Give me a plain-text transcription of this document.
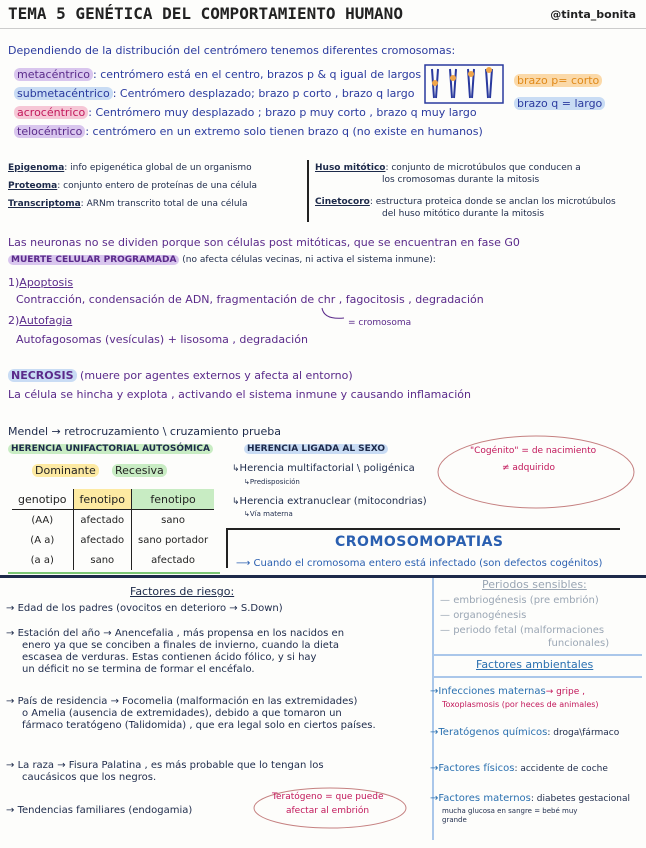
TEMA 5 GENÉTICA DEL COMPORTAMIENTO HUMANO	@tinta_bonita
Dependiendo de la distribución del centrómero tenemos diferentes cromosomas:
metacéntrico : centrómero está en el centro, brazos p & q igual de largos
submetacéntrico : Centrómero desplazado; brazo p corto , brazo q largo
acrocéntrico : Centrómero muy desplazado ; brazo p muy corto , brazo q muy largo
telocéntrico : centrómero en un extremo solo tienen brazo q (no existe en humanos)
brazo p= corto
brazo q = largo
Epigenoma: info epigenética global de un organismo
Proteoma: conjunto entero de proteínas de una célula
Transcriptoma: ARNm transcrito total de una célula
Huso mitótico: conjunto de microtúbulos que conducen a
los cromosomas durante la mitosis
Cinetocoro: estructura proteica donde se anclan los microtúbulos
del huso mitótico durante la mitosis
Las neuronas no se dividen porque son células post mitóticas, que se encuentran en fase G0
MUERTE CELULAR PROGRAMADA (no afecta células vecinas, ni activa el sistema inmune):
1)Apoptosis
Contracción, condensación de ADN, fragmentación de chr , fagocitosis , degradación
= cromosoma
2)Autofagia
Autofagosomas (vesículas) + lisosoma , degradación
NECROSIS (muere por agentes externos y afecta al entorno)
La célula se hincha y explota , activando el sistema inmune y causando inflamación
Mendel → retrocruzamiento \ cruzamiento prueba
HERENCIA UNIFACTORIAL AUTOSÓMICA
Dominante Recesiva
genotipo	fenotipo	fenotipo
(AA)	afectado	sano
(A a)	afectado	sano portador
(a a)	sano	afectado
HERENCIA LIGADA AL SEXO
↳Herencia multifactorial \ poligénica
↳Predisposición
↳Herencia extranuclear (mitocondrias)
↳Vía materna
"Cogénito" = de nacimiento
≠ adquirido
CROMOSOMOPATIAS
⟶ Cuando el cromosoma entero está infectado (son defectos cogénitos)
Factores de riesgo:
→ Edad de los padres (ovocitos en deterioro → S.Down)
→ Estación del año → Anencefalia , más propensa en los nacidos en
enero ya que se conciben a finales de invierno, cuando la dieta
escasea de verduras. Estas contienen ácido fólico, y si hay
un déficit no se termina de formar el encéfalo.
→ País de residencia → Focomelia (malformación en las extremidades)
o Amelia (ausencia de extremidades), debido a que tomaron un
fármaco teratógeno (Talidomida) , que era legal solo en ciertos países.
→ La raza → Fisura Palatina , es más probable que lo tengan los
caucásicos que los negros.
→ Tendencias familiares (endogamia)
Teratógeno = que puede
afectar al embrión
Periodos sensibles:
— embriogénesis (pre embrión)
— organogénesis
— periodo fetal (malformaciones
funcionales)
Factores ambientales
→Infecciones maternas→ gripe ,
Toxoplasmosis (por heces de animales)
→Teratógenos químicos: droga\fármaco
→Factores físicos: accidente de coche
→Factores maternos: diabetes gestacional
mucha glucosa en sangre = bebé muy grande
